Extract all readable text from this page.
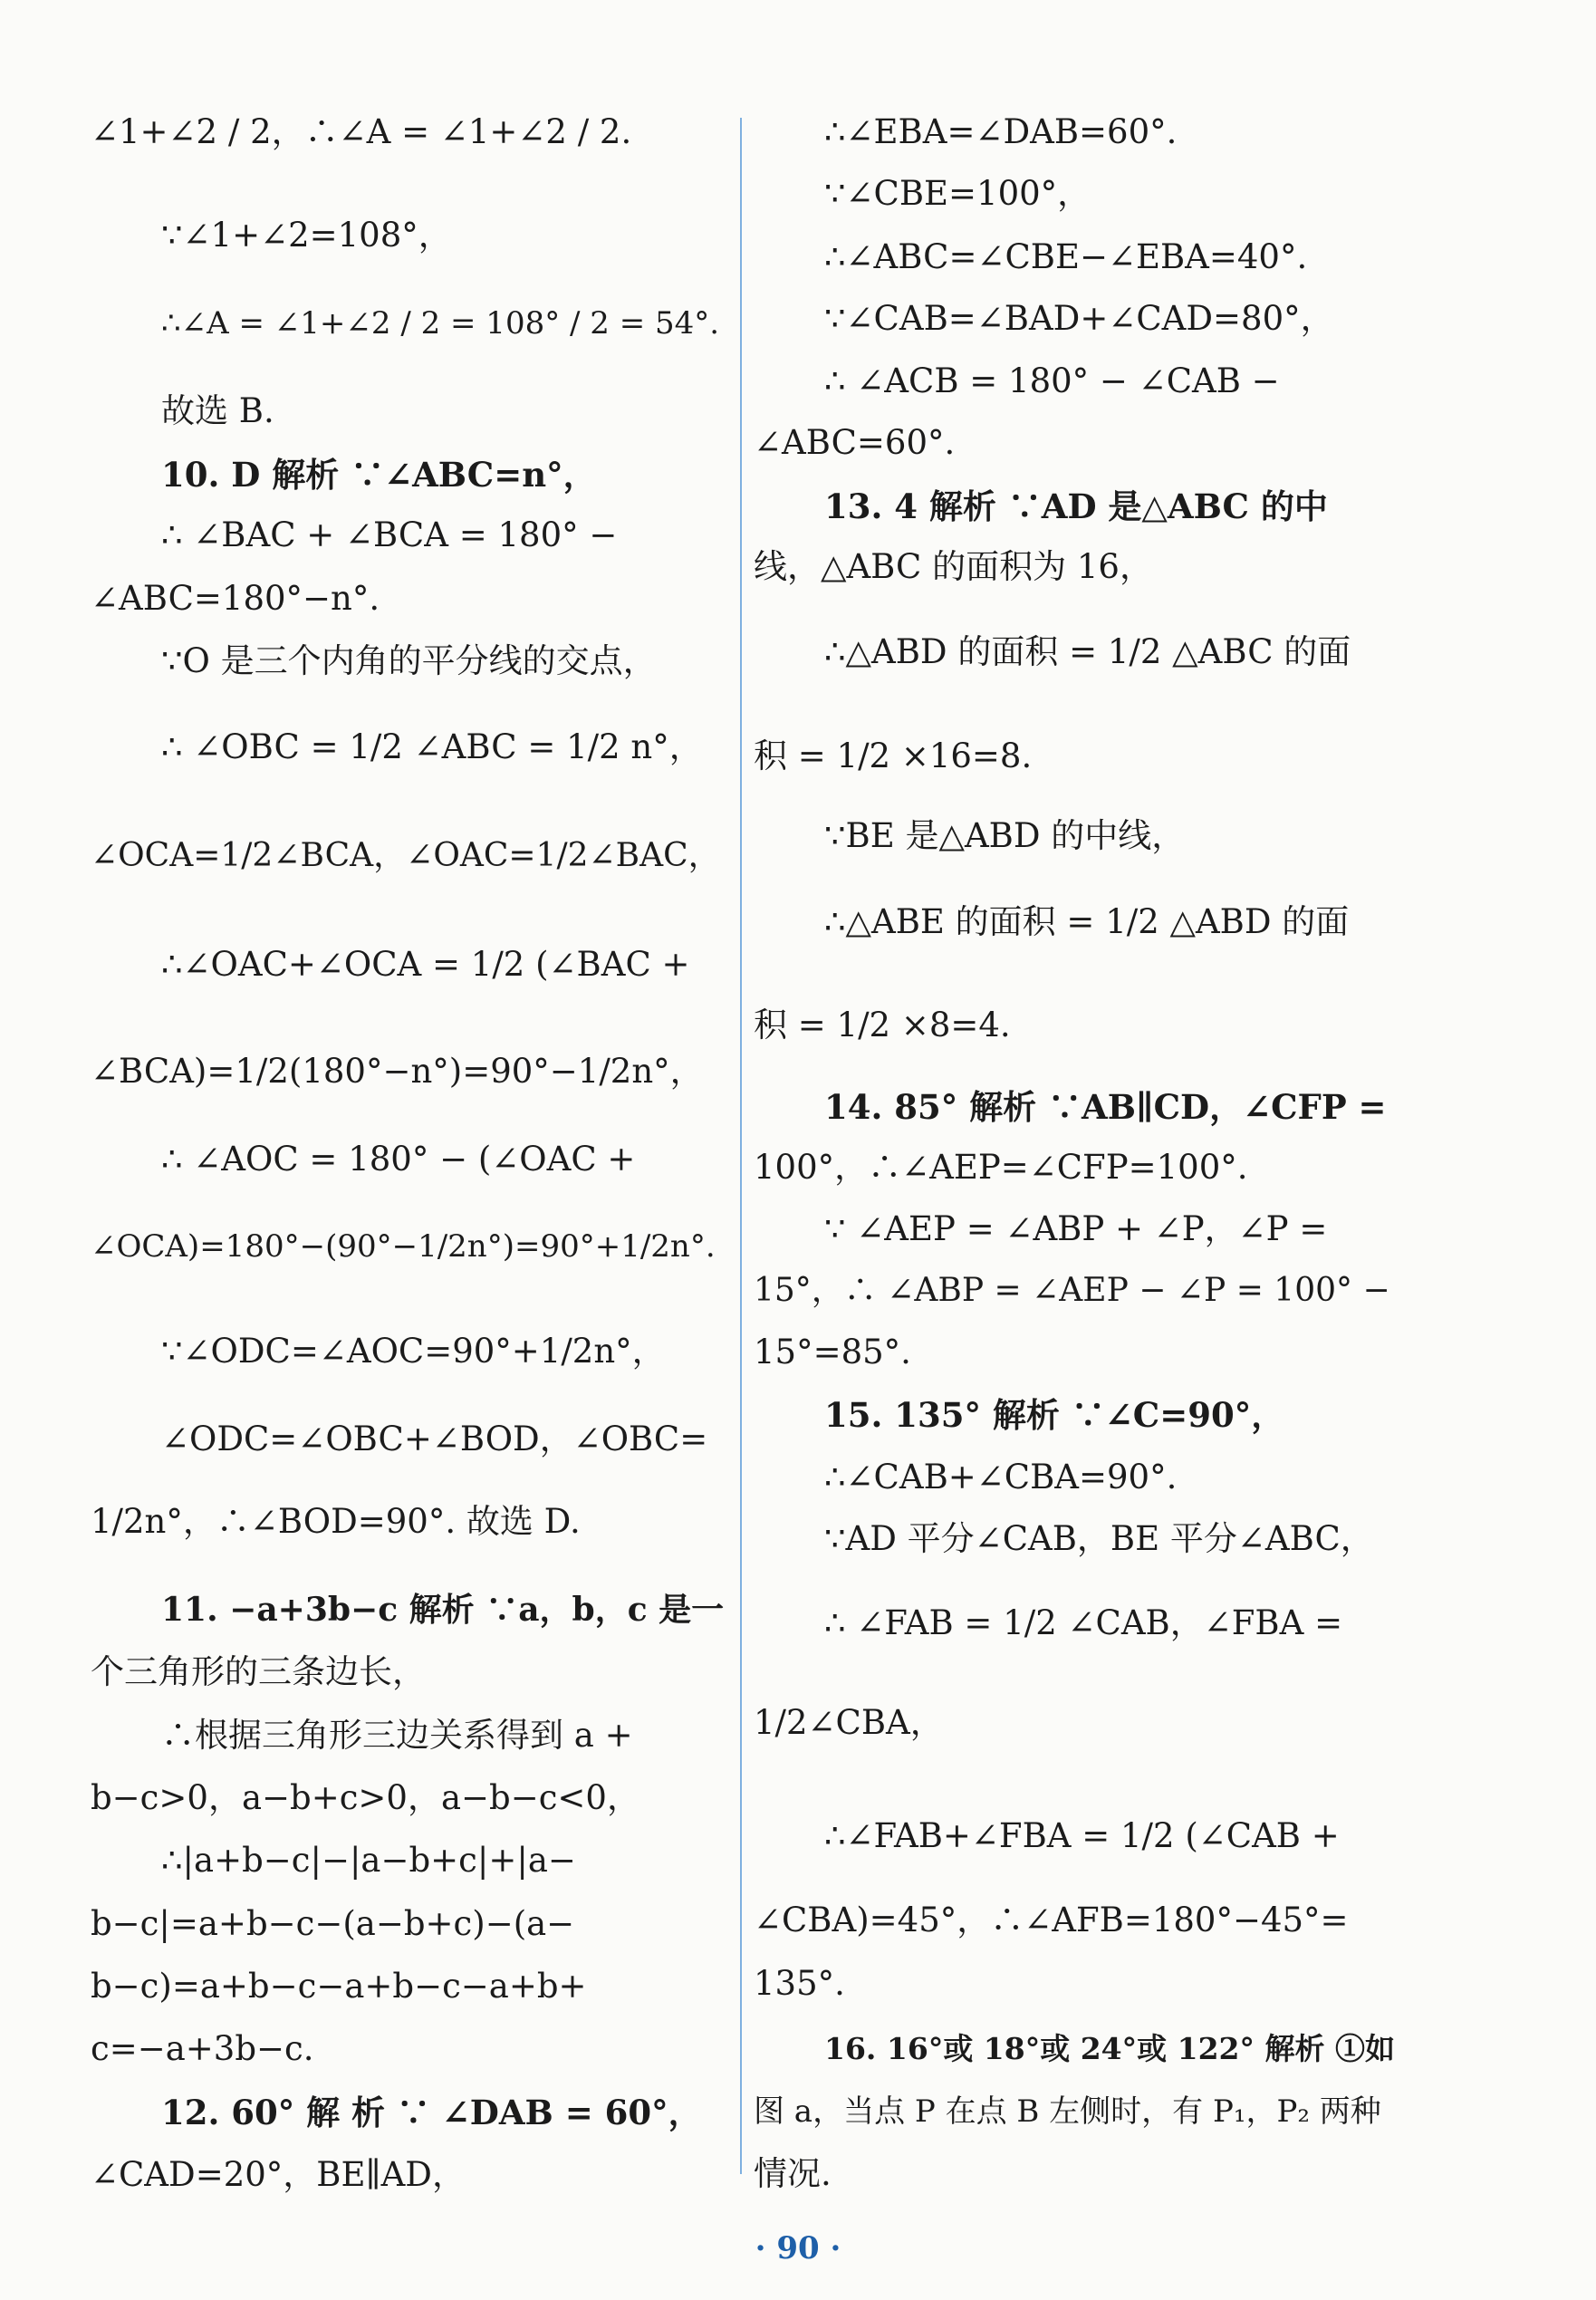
∠1+∠2 / 2，∴∠A = ∠1+∠2 / 2.
∵∠1+∠2=108°，
∴∠A = ∠1+∠2 / 2 = 108° / 2 = 54°.
故选 B.
10. D 解析 ∵∠ABC=n°，
∴ ∠BAC + ∠BCA = 180° −
∠ABC=180°−n°.
∵O 是三个内角的平分线的交点，
∴ ∠OBC = 1/2 ∠ABC = 1/2 n°，
∠OCA=1/2∠BCA，∠OAC=1/2∠BAC，
∴∠OAC+∠OCA = 1/2 (∠BAC +
∠BCA)=1/2(180°−n°)=90°−1/2n°，
∴ ∠AOC = 180° − (∠OAC +
∠OCA)=180°−(90°−1/2n°)=90°+1/2n°.
∵∠ODC=∠AOC=90°+1/2n°，
∠ODC=∠OBC+∠BOD，∠OBC=
1/2n°，∴∠BOD=90°. 故选 D.
11. −a+3b−c 解析 ∵a，b，c 是一
个三角形的三条边长，
∴根据三角形三边关系得到 a +
b−c>0，a−b+c>0，a−b−c<0，
∴|a+b−c|−|a−b+c|+|a−
b−c|=a+b−c−(a−b+c)−(a−
b−c)=a+b−c−a+b−c−a+b+
c=−a+3b−c.
12. 60° 解 析 ∵ ∠DAB = 60°，
∠CAD=20°，BE∥AD，
∴∠EBA=∠DAB=60°.
∵∠CBE=100°，
∴∠ABC=∠CBE−∠EBA=40°.
∵∠CAB=∠BAD+∠CAD=80°，
∴ ∠ACB = 180° − ∠CAB −
∠ABC=60°.
13. 4 解析 ∵AD 是△ABC 的中
线，△ABC 的面积为 16，
∴△ABD 的面积 = 1/2 △ABC 的面
积 = 1/2 ×16=8.
∵BE 是△ABD 的中线，
∴△ABE 的面积 = 1/2 △ABD 的面
积 = 1/2 ×8=4.
14. 85° 解析 ∵AB∥CD，∠CFP =
100°，∴∠AEP=∠CFP=100°.
∵ ∠AEP = ∠ABP + ∠P，∠P =
15°，∴ ∠ABP = ∠AEP − ∠P = 100° −
15°=85°.
15. 135° 解析 ∵∠C=90°，
∴∠CAB+∠CBA=90°.
∵AD 平分∠CAB，BE 平分∠ABC，
∴ ∠FAB = 1/2 ∠CAB，∠FBA =
1/2∠CBA，
∴∠FAB+∠FBA = 1/2 (∠CAB +
∠CBA)=45°，∴∠AFB=180°−45°=
135°.
16. 16°或 18°或 24°或 122° 解析 ①如
图 a，当点 P 在点 B 左侧时，有 P₁，P₂ 两种
情况.
· 90 ·
